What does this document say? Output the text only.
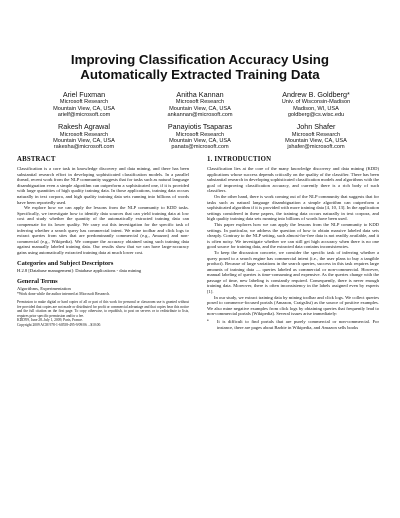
Improving Classification Accuracy Using
Automatically Extracted Training Data
Ariel Fuxman
Microsoft Research
Mountain View, CA, USA
arielf@microsoft.com
Anitha Kannan
Microsoft Research
Mountain View, CA, USA
ankannan@microsoft.com
Andrew B. Goldberg*
Univ. of Wisconsin-Madison
Madison, WI, USA
goldberg@cs.wisc.edu
Rakesh Agrawal
Microsoft Research
Mountain View, CA, USA
rakesha@microsoft.com
Panayiotis Tsaparas
Microsoft Research
Mountain View, CA, USA
panats@microsoft.com
John Shafer
Microsoft Research
Mountain View, CA, USA
jshafer@microsoft.com
ABSTRACT

Classification is a core task in knowledge discovery and data mining, and there has been substantial research effort in developing sophisticated classification models. In a parallel thread, recent work from the NLP community suggests that for tasks such as natural language disambiguation even a simple algorithm can outperform a sophisticated one, if it is provided with large quantities of high quality training data. In those applications, training data occurs naturally in text corpora, and high quality training data sets running into billions of words have been reportedly used.

We explore how we can apply the lessons from the NLP community to KDD tasks. Specifically, we investigate how to identify data sources that can yield training data at low cost and study whether the quantity of the automatically extracted training data can compensate for its lower quality. We carry out this investigation for the specific task of inferring whether a search query has commercial intent. We mine toolbar and click logs to extract queries from sites that are predominantly commercial (e.g., Amazon) and non-commercial (e.g., Wikipedia). We compare the accuracy obtained using such training data against manually labeled training data. Our results show that we can have large-accuracy gains using automatically extracted training data at much lower cost.

Categories and Subject Descriptors

H.2.8 [Database management]: Database applications - data mining

General Terms

Algorithms, Experimentation

*Work done while the author interned at Microsoft Research.

Permission to make digital or hard copies of all or part of this work for personal or classroom use is granted without fee provided that copies are not made or distributed for profit or commercial advantage and that copies bear this notice and the full citation on the first page. To copy otherwise, to republish, to post on servers or to redistribute to lists, requires prior specific permission and/or a fee.
KDD'09, June 28–July 1, 2009, Paris, France.
Copyright 2009 ACM 978-1-60558-495-9/09/06 ...$10.00.
1. INTRODUCTION

Classification lies at the core of the many knowledge discovery and data mining (KDD) applications whose success depends critically on the quality of the classifier. There has been substantial research in developing sophisticated classification models and algorithms with the goal of improving classification accuracy, and currently there is a rich body of such classifiers.

On the other hand, there is work coming out of the NLP community that suggests that for tasks such as natural language disambiguation a simple algorithm can outperform a sophisticated algorithm if it is provided with more training data [4, 10, 13]. In the application settings considered in these papers, the training data occurs naturally in text corpora, and high quality training data sets running into billions of words have been used.

This paper explores how we can apply the lessons from the NLP community to KDD settings. In particular, we address the question of how to obtain massive labeled data sets cheaply. Contrary to the NLP setting, such almost-for-free data is not readily available, and it is often noisy. We investigate whether we can still get high accuracy when there is no one good source for training data, and the extracted data contains inconsistencies.

To keep the discussion concrete, we consider the specific task of inferring whether a query posed to a search engine has commercial intent (i.e., the user plans to buy a tangible product). Because of large variations in the search queries, success in this task requires large amounts of training data — queries labeled as commercial or non-commercial. However, manual labeling of queries is time-consuming and expensive. As the queries change with the passage of time, new labeling is constantly required. Consequently, there is never enough training data. Moreover, there is often inconsistency in the labels assigned even by experts [1].

In our study, we extract training data by mining toolbar and click logs. We collect queries posed to commerce-focused portals (Amazon, Craigslist) as the source of positive examples. We also mine negative examples from click logs by obtaining queries that frequently lead to non-commercial portals (Wikipedia). Several issues arise immediately:

•	It is difficult to find portals that are purely commercial or non-commercial. For instance, there are pages about Barbie in Wikipedia, and Amazon sells books
